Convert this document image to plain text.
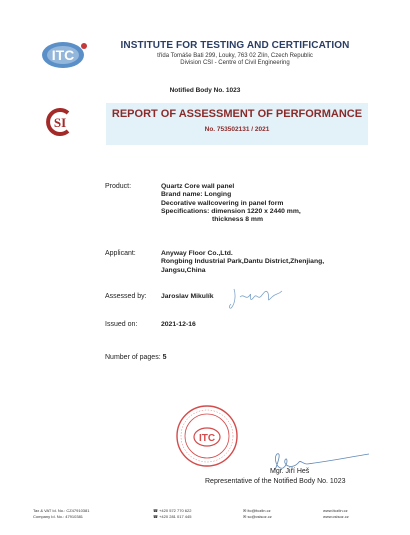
ITC
INSTITUTE FOR TESTING AND CERTIFICATION
třída Tomáše Bati 299, Louky, 763 02 Zlín, Czech Republic
Division CSI - Centre of Civil Engineering
Notified Body No. 1023
SI
REPORT OF ASSESSMENT OF PERFORMANCE
No. 753502131 / 2021
Product:	Quartz Core wall panel
Brand name: Longing
Decorative wallcovering in panel form
Specifications: dimension 1220 x 2440 mm,
thickness 8 mm
Applicant:	Anyway Floor Co.,Ltd.
Rongbing Industrial Park,Dantu District,Zhenjiang,
Jangsu,China
Assessed by: Jaroslav Mikulík
Issued on:	2021-12-16
Number of pages: 5
ITC
Mgr. Jiří Heš
Representative of the Notified Body No. 1023
Tax & VAT Id. No.: CZ47910381
Company Id. No.: 47910381
☎ +420 572 770 622
☎ +420 281 017 445
✉ itc@itczlin.cz
✉ sc@csisoz.cz
www.itczlin.cz
www.csisoz.cz
